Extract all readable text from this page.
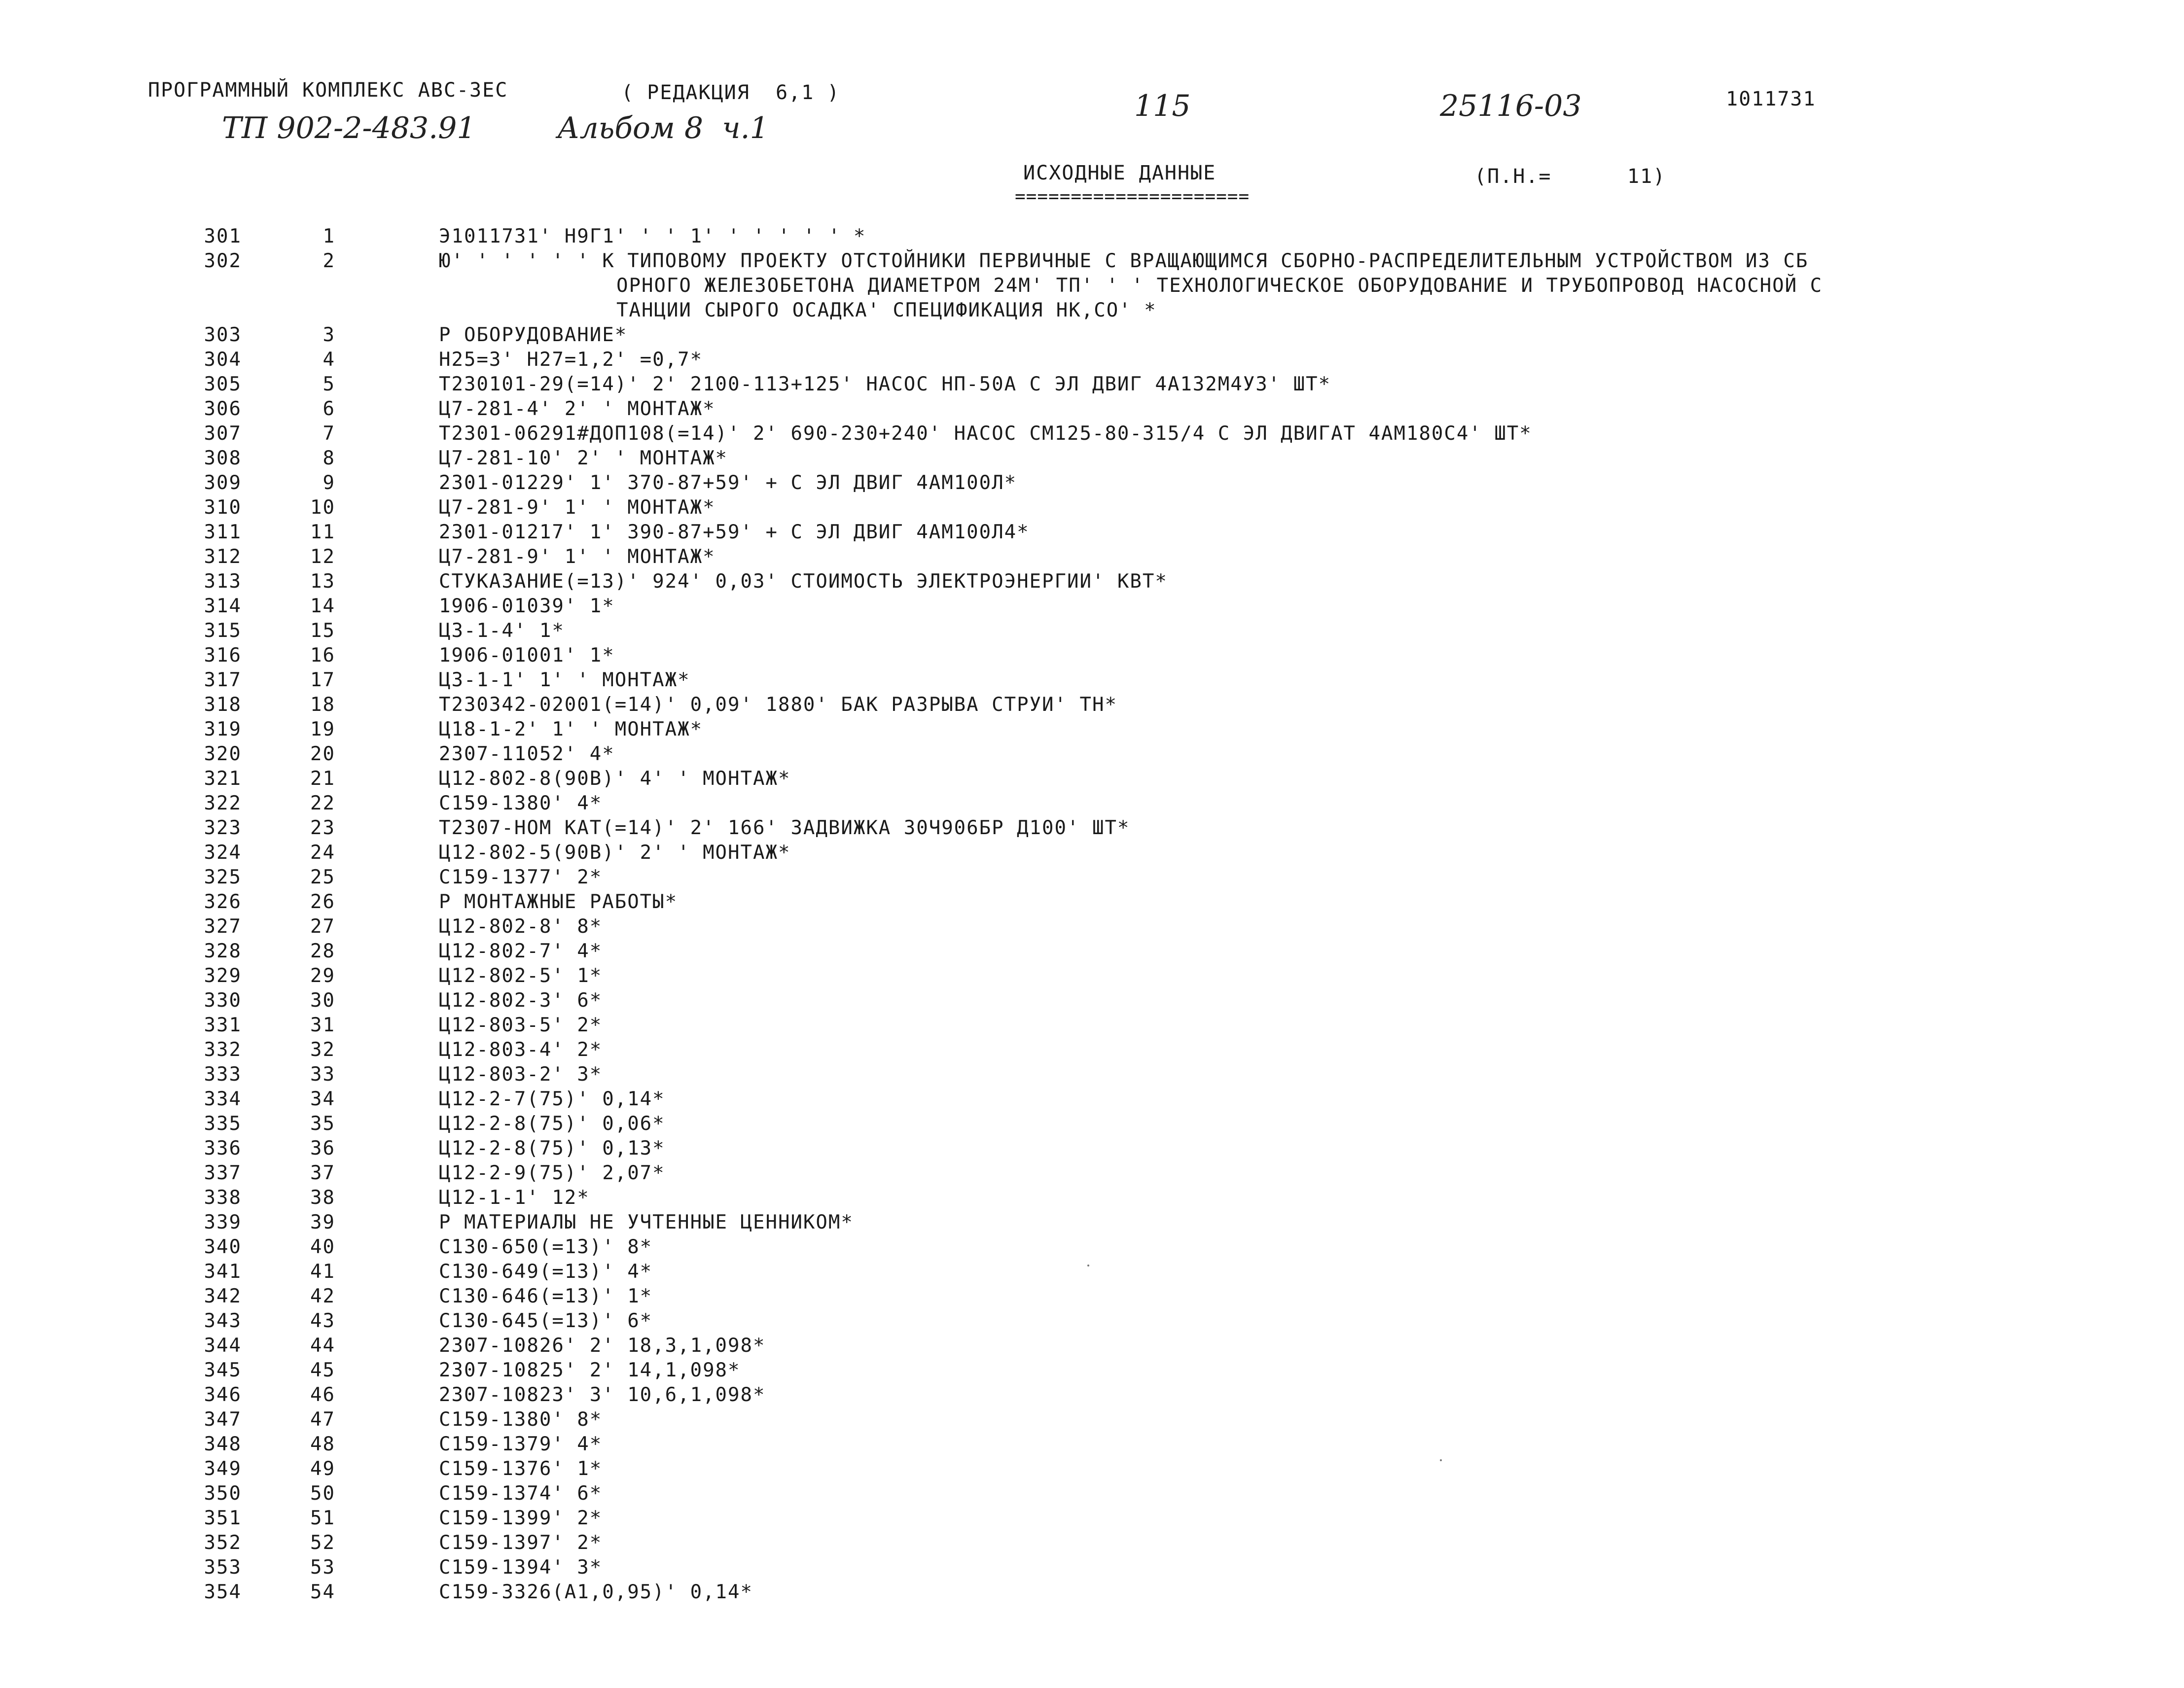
ПРОГРАММНЫЙ КОМПЛЕКС АВС-3ЕС	( РЕДАКЦИЯ  6,1 )	115	25116-03	1011731
ТП 902-2-483.91	Альбом 8  ч.1
ИСХОДНЫЕ ДАННЫЕ
=====================
(П.Н.=	11)
301	1	Э1011731' Н9Г1' ' ' 1' ' ' ' ' ' *
302	2	Ю' ' ' ' ' ' К ТИПОВОМУ ПРОЕКТУ ОТСТОЙНИКИ ПЕРВИЧНЫЕ С ВРАЩАЮЩИМСЯ СБОРНО-РАСПРЕДЕЛИТЕЛЬНЫМ УСТРОЙСТВОМ ИЗ СБ
ОРНОГО ЖЕЛЕЗОБЕТОНА ДИАМЕТРОМ 24М' ТП' ' ' ТЕХНОЛОГИЧЕСКОЕ ОБОРУДОВАНИЕ И ТРУБОПРОВОД НАСОСНОЙ С
ТАНЦИИ СЫРОГО ОСАДКА' СПЕЦИФИКАЦИЯ НК,СО' *
303	3	Р ОБОРУДОВАНИЕ*
304	4	Н25=3' Н27=1,2' =0,7*
305	5	Т230101-29(=14)' 2' 2100-113+125' НАСОС НП-50А С ЭЛ ДВИГ 4А132М4У3' ШТ*
306	6	Ц7-281-4' 2' ' МОНТАЖ*
307	7	Т2301-06291#ДОП108(=14)' 2' 690-230+240' НАСОС СМ125-80-315/4 С ЭЛ ДВИГАТ 4АМ180С4' ШТ*
308	8	Ц7-281-10' 2' ' МОНТАЖ*
309	9	2301-01229' 1' 370-87+59' + С ЭЛ ДВИГ 4АМ100Л*
310	10	Ц7-281-9' 1' ' МОНТАЖ*
311	11	2301-01217' 1' 390-87+59' + С ЭЛ ДВИГ 4АМ100Л4*
312	12	Ц7-281-9' 1' ' МОНТАЖ*
313	13	СТУКАЗАНИЕ(=13)' 924' 0,03' СТОИМОСТЬ ЭЛЕКТРОЭНЕРГИИ' КВТ*
314	14	1906-01039' 1*
315	15	Ц3-1-4' 1*
316	16	1906-01001' 1*
317	17	Ц3-1-1' 1' ' МОНТАЖ*
318	18	Т230342-02001(=14)' 0,09' 1880' БАК РАЗРЫВА СТРУИ' ТН*
319	19	Ц18-1-2' 1' ' МОНТАЖ*
320	20	2307-11052' 4*
321	21	Ц12-802-8(90В)' 4' ' МОНТАЖ*
322	22	С159-1380' 4*
323	23	Т2307-НОМ КАТ(=14)' 2' 166' ЗАДВИЖКА 30Ч906БР Д100' ШТ*
324	24	Ц12-802-5(90В)' 2' ' МОНТАЖ*
325	25	С159-1377' 2*
326	26	Р МОНТАЖНЫЕ РАБОТЫ*
327	27	Ц12-802-8' 8*
328	28	Ц12-802-7' 4*
329	29	Ц12-802-5' 1*
330	30	Ц12-802-3' 6*
331	31	Ц12-803-5' 2*
332	32	Ц12-803-4' 2*
333	33	Ц12-803-2' 3*
334	34	Ц12-2-7(75)' 0,14*
335	35	Ц12-2-8(75)' 0,06*
336	36	Ц12-2-8(75)' 0,13*
337	37	Ц12-2-9(75)' 2,07*
338	38	Ц12-1-1' 12*
339	39	Р МАТЕРИАЛЫ НЕ УЧТЕННЫЕ ЦЕННИКОМ*
340	40	С130-650(=13)' 8*
341	41	С130-649(=13)' 4*
342	42	С130-646(=13)' 1*
343	43	С130-645(=13)' 6*
344	44	2307-10826' 2' 18,3,1,098*
345	45	2307-10825' 2' 14,1,098*
346	46	2307-10823' 3' 10,6,1,098*
347	47	С159-1380' 8*
348	48	С159-1379' 4*
349	49	С159-1376' 1*
350	50	С159-1374' 6*
351	51	С159-1399' 2*
352	52	С159-1397' 2*
353	53	С159-1394' 3*
354	54	С159-3326(А1,0,95)' 0,14*
